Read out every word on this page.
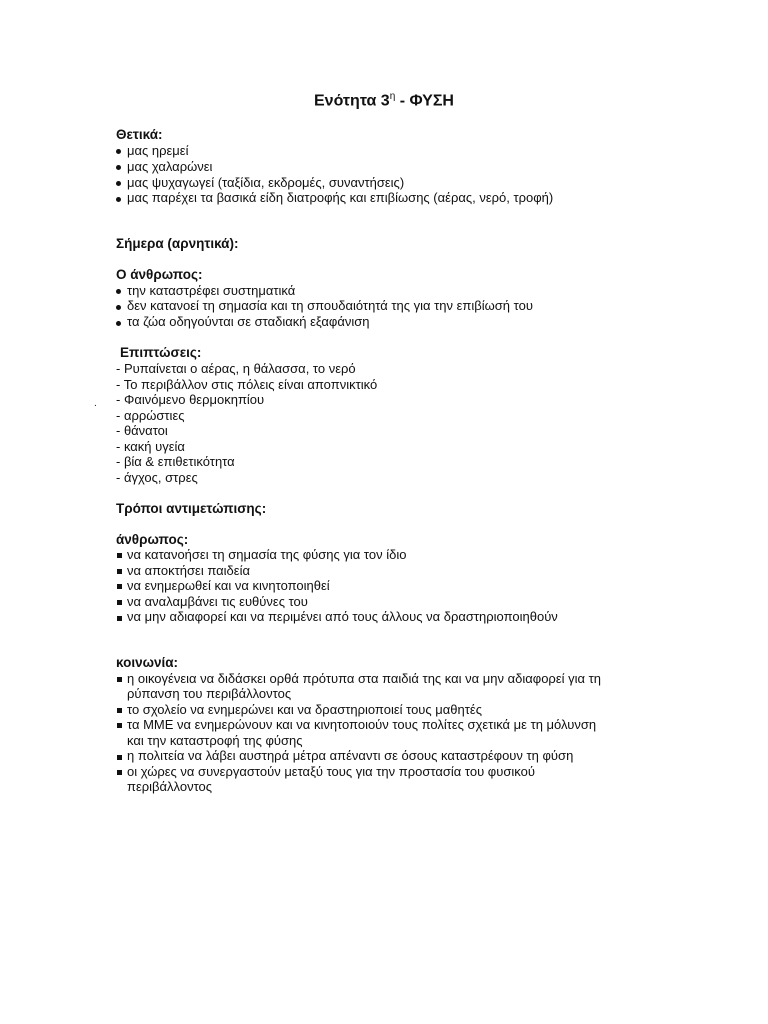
Ενότητα $3^\eta$ - ΦΥΣΗ
Θετικά:
μας ηρεμεί
μας χαλαρώνει
μας ψυχαγωγεί (ταξίδια, εκδρομές, συναντήσεις)
μας παρέχει τα βασικά είδη διατροφής και επιβίωσης (αέρας, νερό, τροφή)
Σήμερα (αρνητικά):
Ο άνθρωπος:
την καταστρέφει συστηματικά
δεν κατανοεί τη σημασία και τη σπουδαιότητά της για την επιβίωσή του
τα ζώα οδηγούνται σε σταδιακή εξαφάνιση
Επιπτώσεις:
- Ρυπαίνεται ο αέρας, η θάλασσα, το νερό
- Το περιβάλλον στις πόλεις είναι αποπνικτικό
. - Φαινόμενο θερμοκηπίου
- αρρώστιες
- θάνατοι
- κακή υγεία
- βία & επιθετικότητα
- άγχος, στρες
Τρόποι αντιμετώπισης:
άνθρωπος:
να κατανοήσει τη σημασία της φύσης για τον ίδιο
να αποκτήσει παιδεία
να ενημερωθεί και να κινητοποιηθεί
να αναλαμβάνει τις ευθύνες του
να μην αδιαφορεί και να περιμένει από τους άλλους να δραστηριοποιηθούν
κοινωνία:
η οικογένεια να διδάσκει ορθά πρότυπα στα παιδιά της και να μην αδιαφορεί για τη
ρύπανση του περιβάλλοντος
το σχολείο να ενημερώνει και να δραστηριοποιεί τους μαθητές
τα ΜΜΕ να ενημερώνουν και να κινητοποιούν τους πολίτες σχετικά με τη μόλυνση
και την καταστροφή της φύσης
η πολιτεία να λάβει αυστηρά μέτρα απέναντι σε όσους καταστρέφουν τη φύση
οι χώρες να συνεργαστούν μεταξύ τους για την προστασία του φυσικού
περιβάλλοντος
